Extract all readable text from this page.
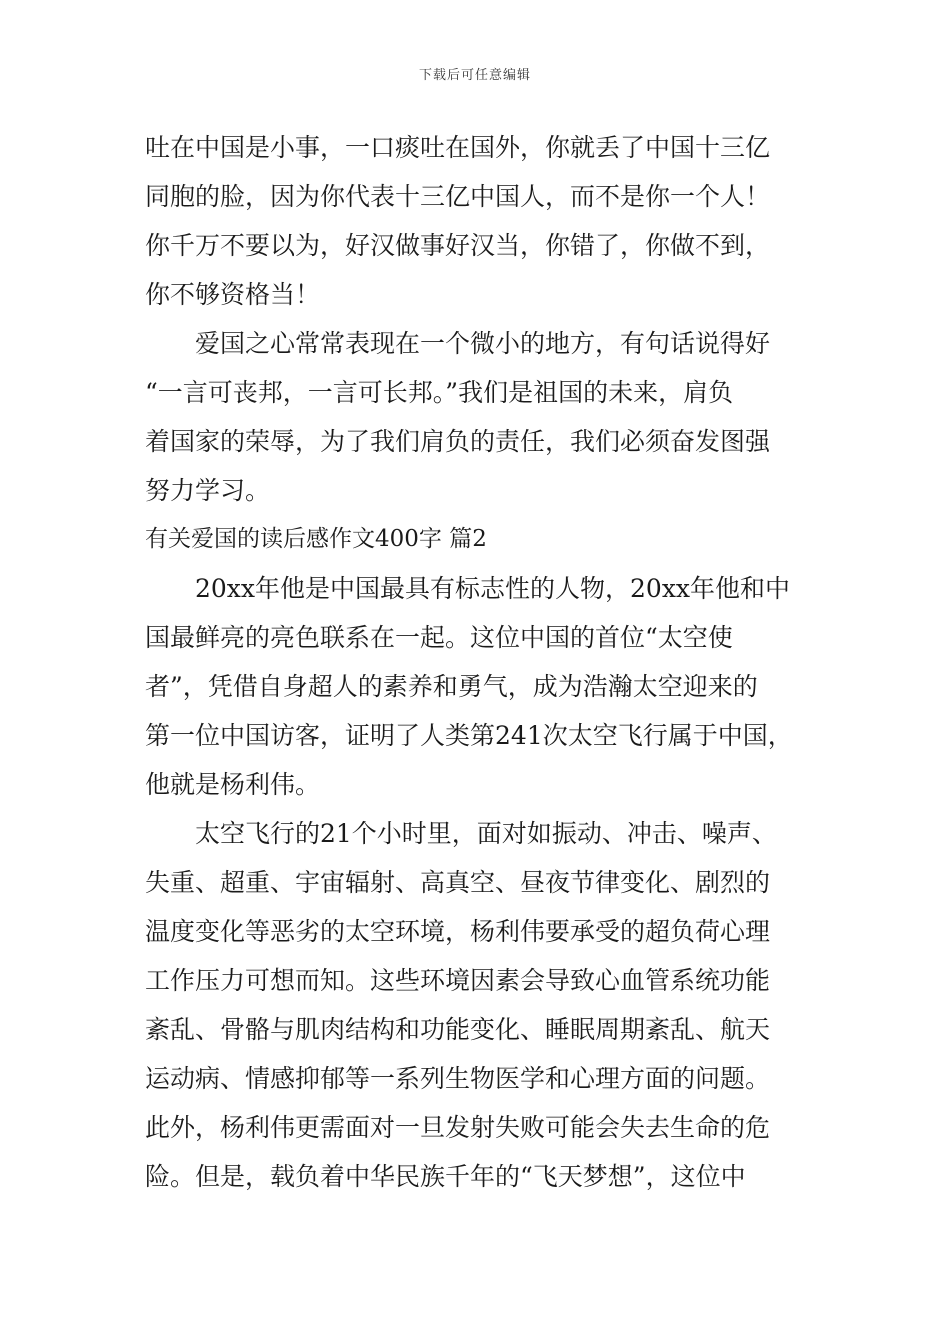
下载后可任意编辑
吐在中国是小事，一口痰吐在国外，你就丢了中国十三亿
同胞的脸，因为你代表十三亿中国人，而不是你一个人！
你千万不要以为，好汉做事好汉当，你错了，你做不到，
你不够资格当！
爱国之心常常表现在一个微小的地方，有句话说得好
“一言可丧邦，一言可长邦。”我们是祖国的未来，肩负
着国家的荣辱，为了我们肩负的责任，我们必须奋发图强
努力学习。
有关爱国的读后感作文400字 篇2
20xx年他是中国最具有标志性的人物，20xx年他和中
国最鲜亮的亮色联系在一起。这位中国的首位“太空使
者”，凭借自身超人的素养和勇气，成为浩瀚太空迎来的
第一位中国访客，证明了人类第241次太空飞行属于中国，
他就是杨利伟。
太空飞行的21个小时里，面对如振动、冲击、噪声、
失重、超重、宇宙辐射、高真空、昼夜节律变化、剧烈的
温度变化等恶劣的太空环境，杨利伟要承受的超负荷心理
工作压力可想而知。这些环境因素会导致心血管系统功能
紊乱、骨骼与肌肉结构和功能变化、睡眠周期紊乱、航天
运动病、情感抑郁等一系列生物医学和心理方面的问题。
此外，杨利伟更需面对一旦发射失败可能会失去生命的危
险。但是，载负着中华民族千年的“飞天梦想”，这位中
